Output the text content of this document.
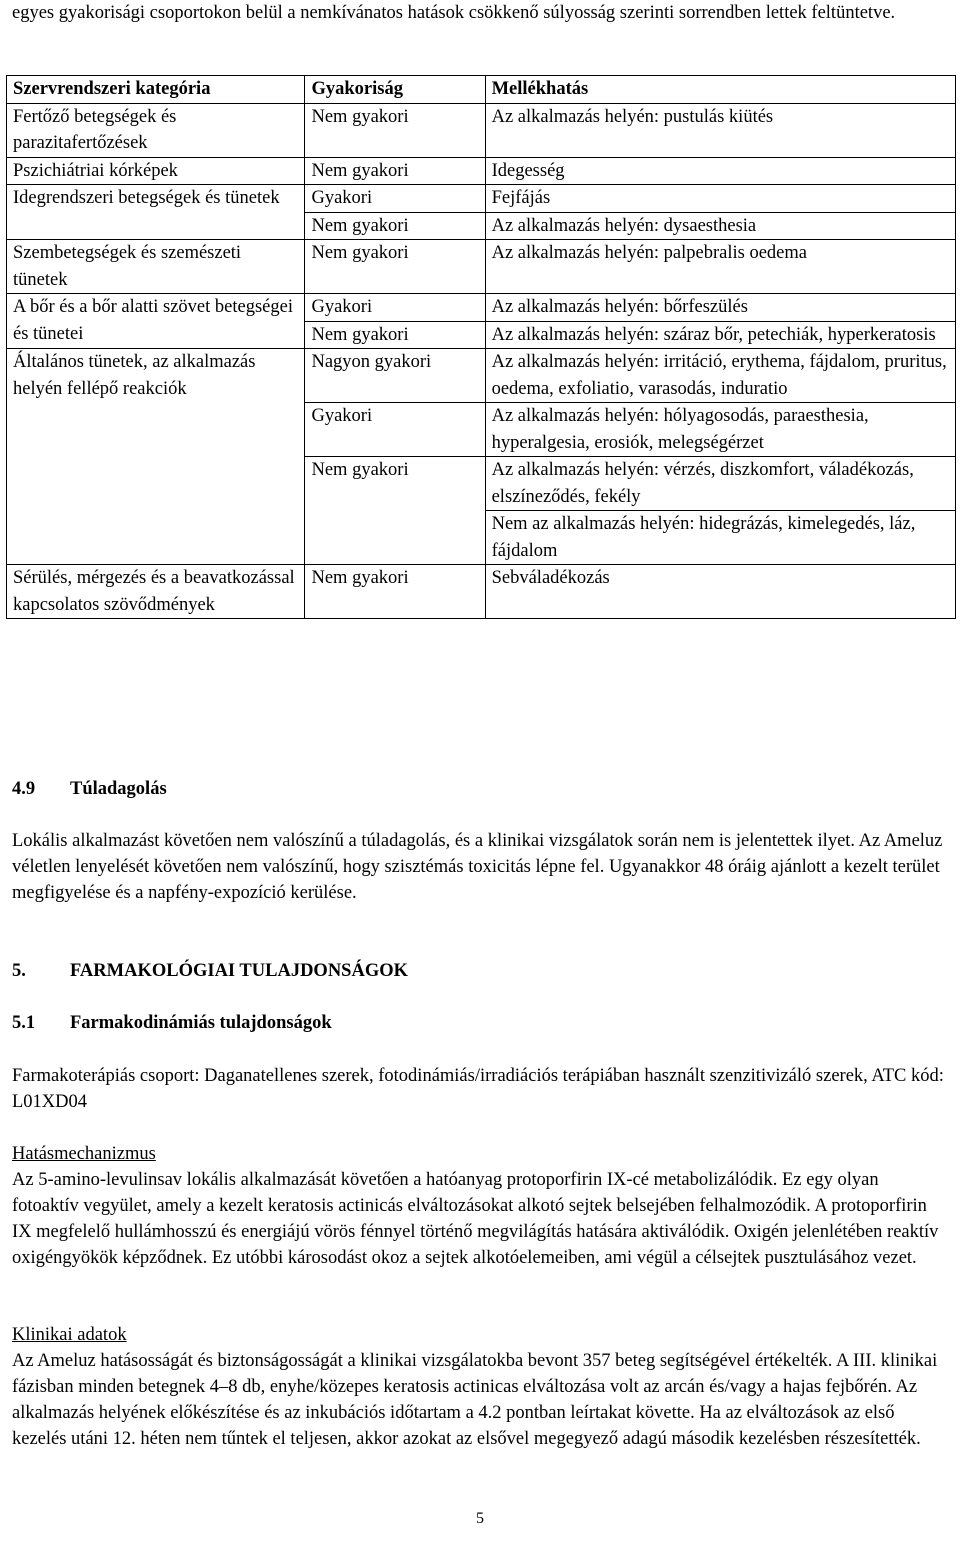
egyes gyakorisági csoportokon belül a nemkívánatos hatások csökkenő súlyosság szerinti sorrendben lettek feltüntetve.

Szervrendszeri kategória	Gyakoriság	Mellékhatás
Fertőző betegségek és parazitafertőzések	Nem gyakori	Az alkalmazás helyén: pustulás kiütés
Pszichiátriai kórképek	Nem gyakori	Idegesség
Idegrendszeri betegségek és tünetek	Gyakori	Fejfájás
	Nem gyakori	Az alkalmazás helyén: dysaesthesia
Szembetegségek és szemészeti tünetek	Nem gyakori	Az alkalmazás helyén: palpebralis oedema
A bőr és a bőr alatti szövet betegségei és tünetei	Gyakori	Az alkalmazás helyén: bőrfeszülés
	Nem gyakori	Az alkalmazás helyén: száraz bőr, petechiák, hyperkeratosis
Általános tünetek, az alkalmazás helyén fellépő reakciók	Nagyon gyakori	Az alkalmazás helyén: irritáció, erythema, fájdalom, pruritus, oedema, exfoliatio, varasodás, induratio
	Gyakori	Az alkalmazás helyén: hólyagosodás, paraesthesia, hyperalgesia, erosiók, melegségérzet
	Nem gyakori	Az alkalmazás helyén: vérzés, diszkomfort, váladékozás, elszíneződés, fekély
		Nem az alkalmazás helyén: hidegrázás, kimelegedés, láz, fájdalom
Sérülés, mérgezés és a beavatkozással kapcsolatos szövődmények	Nem gyakori	Sebváladékozás
4.9 Túladagolás

Lokális alkalmazást követően nem valószínű a túladagolás, és a klinikai vizsgálatok során nem is jelentettek ilyet. Az Ameluz véletlen lenyelését követően nem valószínű, hogy szisztémás toxicitás lépne fel. Ugyanakkor 48 óráig ajánlott a kezelt terület megfigyelése és a napfény-expozíció kerülése.

5. FARMAKOLÓGIAI TULAJDONSÁGOK
5.1 Farmakodinámiás tulajdonságok

Farmakoterápiás csoport: Daganatellenes szerek, fotodinámiás/irradiációs terápiában használt szenzitivizáló szerek, ATC kód: L01XD04

Hatásmechanizmus

Az 5-amino-levulinsav lokális alkalmazását követően a hatóanyag protoporfirin IX-cé metabolizálódik. Ez egy olyan fotoaktív vegyület, amely a kezelt keratosis actinicás elváltozásokat alkotó sejtek belsejében felhalmozódik. A protoporfirin IX megfelelő hullámhosszú és energiájú vörös fénnyel történő megvilágítás hatására aktiválódik. Oxigén jelenlétében reaktív oxigéngyökök képződnek. Ez utóbbi károsodást okoz a sejtek alkotóelemeiben, ami végül a célsejtek pusztulásához vezet.

Klinikai adatok

Az Ameluz hatásosságát és biztonságosságát a klinikai vizsgálatokba bevont 357 beteg segítségével értékelték. A III. klinikai fázisban minden betegnek 4–8 db, enyhe/közepes keratosis actinicas elváltozása volt az arcán és/vagy a hajas fejbőrén. Az alkalmazás helyének előkészítése és az inkubációs időtartam a 4.2 pontban leírtakat követte. Ha az elváltozások az első kezelés utáni 12. héten nem tűntek el teljesen, akkor azokat az elsővel megegyező adagú második kezelésben részesítették.

5
